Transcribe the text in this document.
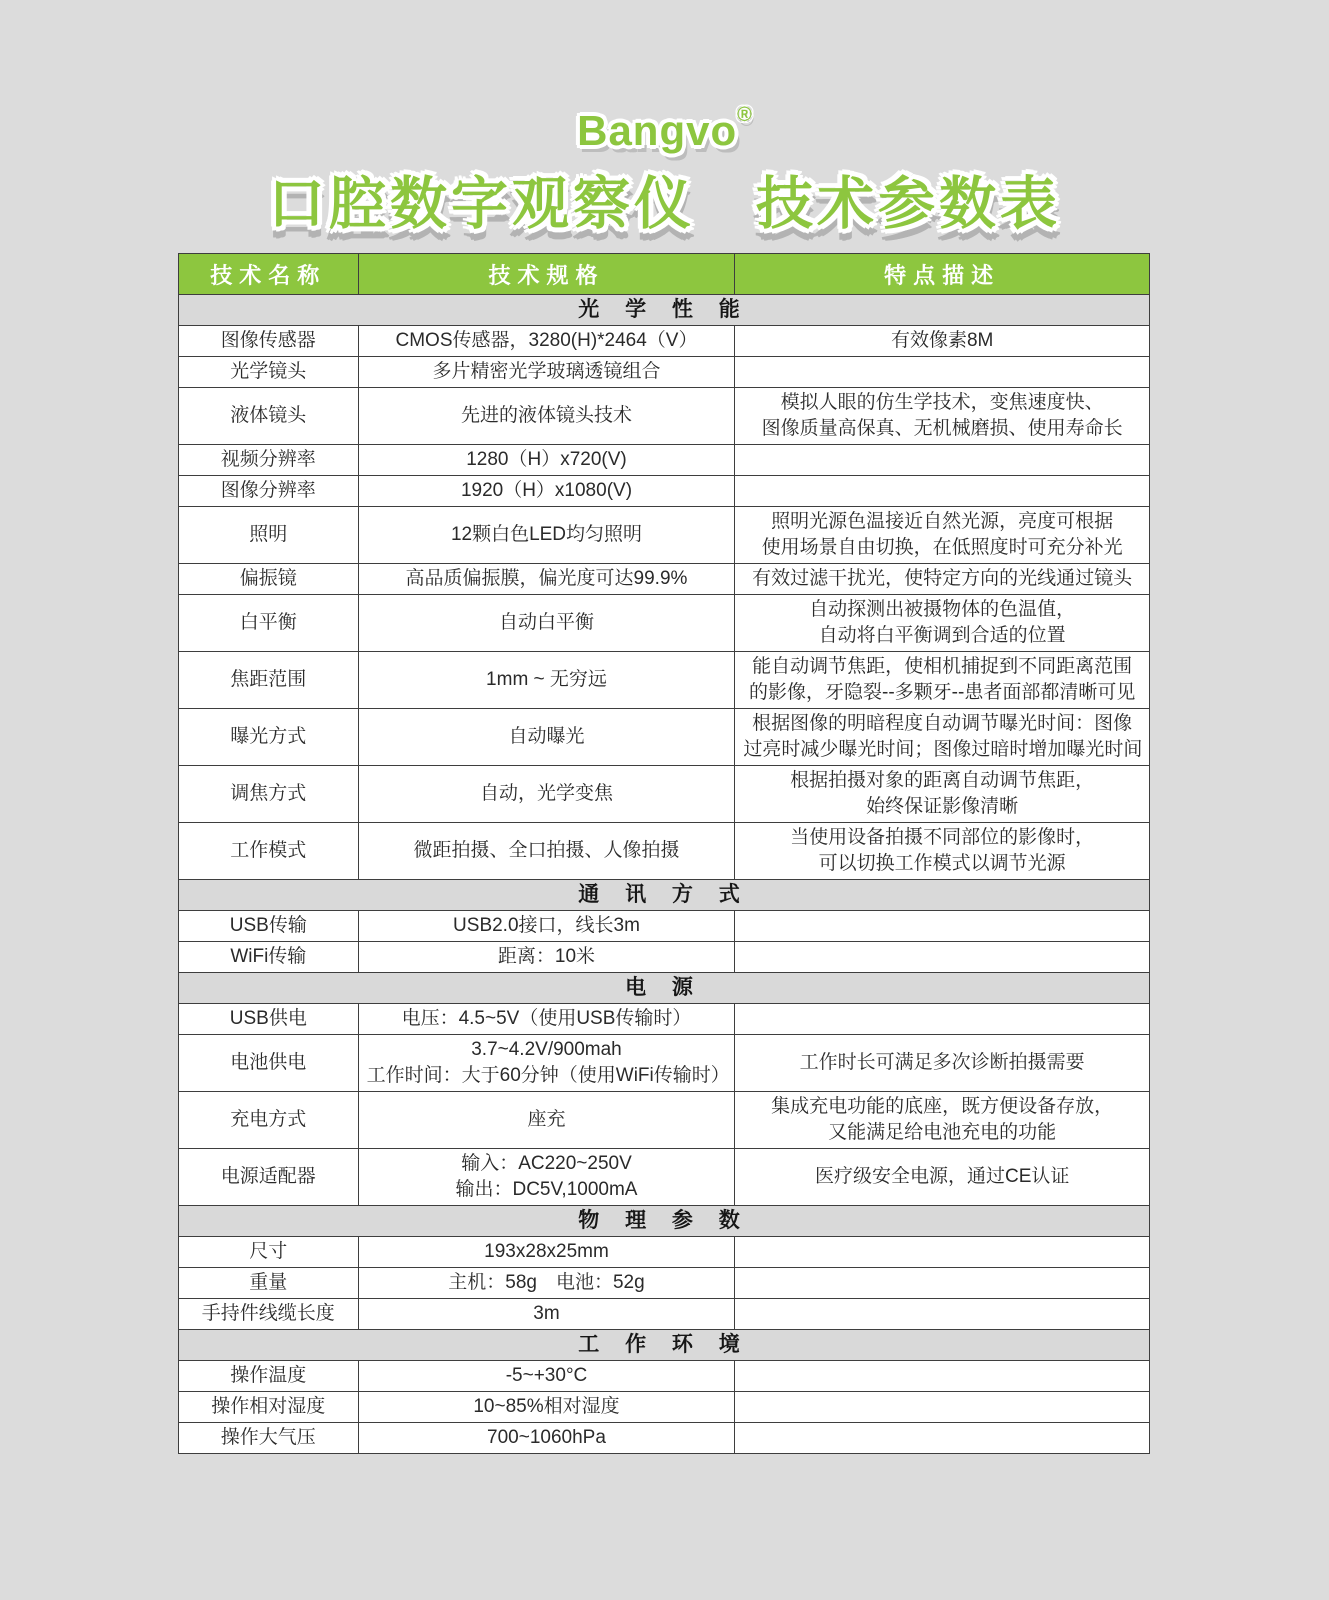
Bangvo®
口腔数字观察仪　技术参数表
技术名称	技术规格	特点描述
光 学 性 能		

图像传感器	CMOS传感器，3280(H)*2464（V）	有效像素8M

光学镜头	多片精密光学玻璃透镜组合	

液体镜头	先进的液体镜头技术	模拟人眼的仿生学技术，变焦速度快、
图像质量高保真、无机械磨损、使用寿命长

视频分辨率	1280（H）x720(V)	

图像分辨率	1920（H）x1080(V)	

照明	12颗白色LED均匀照明	照明光源色温接近自然光源，亮度可根据
使用场景自由切换，在低照度时可充分补光

偏振镜	高品质偏振膜，偏光度可达99.9%	有效过滤干扰光，使特定方向的光线通过镜头

白平衡	自动白平衡	自动探测出被摄物体的色温值，
自动将白平衡调到合适的位置

焦距范围	1mm ~ 无穷远	能自动调节焦距，使相机捕捉到不同距离范围
的影像，牙隐裂--多颗牙--患者面部都清晰可见

曝光方式	自动曝光	根据图像的明暗程度自动调节曝光时间：图像
过亮时减少曝光时间；图像过暗时增加曝光时间

调焦方式	自动，光学变焦	根据拍摄对象的距离自动调节焦距，
始终保证影像清晰

工作模式	微距拍摄、全口拍摄、人像拍摄	当使用设备拍摄不同部位的影像时，
可以切换工作模式以调节光源

通 讯 方 式		

USB传输	USB2.0接口，线长3m	

WiFi传输	距离：10米	

电 源		

USB供电	电压：4.5~5V（使用USB传输时）	

电池供电	3.7~4.2V/900mah
工作时间：大于60分钟（使用WiFi传输时）	工作时长可满足多次诊断拍摄需要

充电方式	座充	集成充电功能的底座，既方便设备存放，
又能满足给电池充电的功能

电源适配器	输入：AC220~250V
输出：DC5V,1000mA	医疗级安全电源，通过CE认证

物 理 参 数		

尺寸	193x28x25mm	

重量	主机：58g　电池：52g	

手持件线缆长度	3m	

工 作 环 境		

操作温度	-5~+30°C	

操作相对湿度	10~85%相对湿度	

操作大气压	700~1060hPa	
